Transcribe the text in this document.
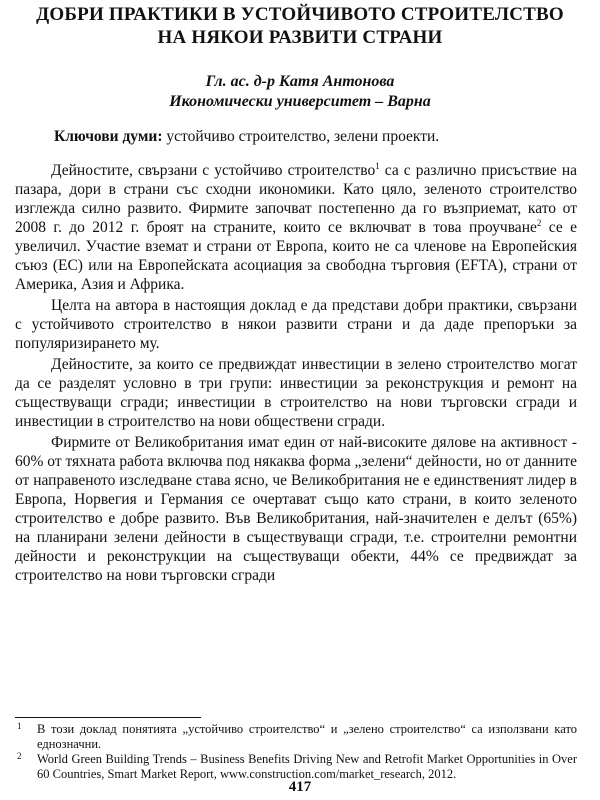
ДОБРИ ПРАКТИКИ В УСТОЙЧИВОТО СТРОИТЕЛСТВО
НА НЯКОИ РАЗВИТИ СТРАНИ
Гл. ас. д-р Катя Антонова
Икономически университет – Варна
Ключови думи: устойчиво строителство, зелени проекти.

Дейностите, свързани с устойчиво строителство$^1$ са с различно присъствие на пазара, дори в страни със сходни икономики. Като цяло, зеленото строителство изглежда силно развито. Фирмите започват постепенно да го възприемат, като от 2008 г. до 2012 г. броят на страните, които се включват в това проучване$^2$ се е увеличил. Участие вземат и страни от Европа, които не са членове на Европейския съюз (ЕС) или на Европейската асоциация за свободна търговия (EFTA), страни от Америка, Азия и Африка.

Целта на автора в настоящия доклад е да представи добри практики, свързани с устойчивото строителство в някои развити страни и да даде препоръки за популяризирането му.

Дейностите, за които се предвиждат инвестиции в зелено строителство могат да се разделят условно в три групи: инвестиции за реконструкция и ремонт на съществуващи сгради; инвестиции в строителство на нови търговски сгради и инвестиции в строителство на нови обществени сгради.

Фирмите от Великобритания имат един от най-високите дялове на активност - 60% от тяхната работа включва под някаква форма „зелени“ дейности, но от данните от направеното изследване става ясно, че Великобритания не е единственият лидер в Европа, Норвегия и Германия се очертават също като страни, в които зеленото строителство е добре развито. Във Великобритания, най-значителен е делът (65%) на планирани зелени дейности в съществуващи сгради, т.е. строителни ремонтни дейности и реконструкции на съществуващи обекти, 44% се предвиждат за строителство на нови търговски сгради

1 В този доклад понятията „устойчиво строителство“ и „зелено строителство“ са използвани като еднозначни.

2 World Green Building Trends – Business Benefits Driving New and Retrofit Market Opportunities in Over 60 Countries, Smart Market Report, www.construction.com/market_research, 2012.

417
